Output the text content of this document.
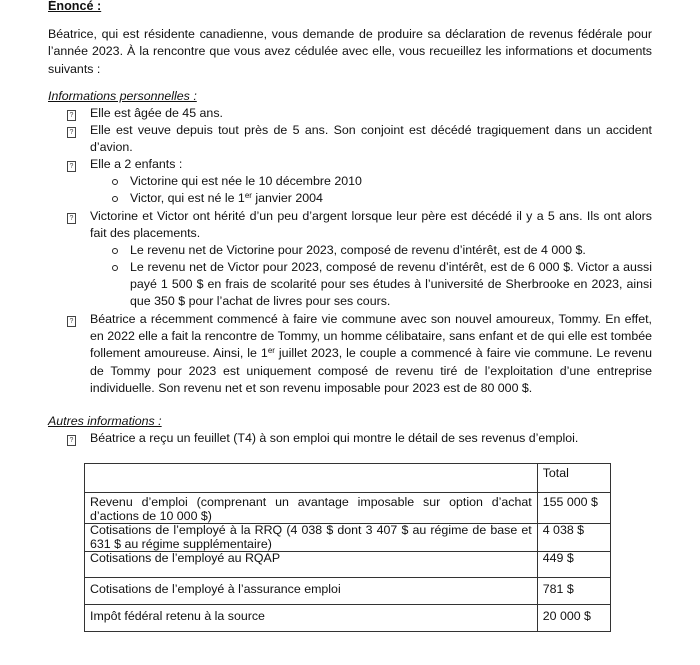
Énoncé :
Béatrice, qui est résidente canadienne, vous demande de produire sa déclaration de revenus fédérale pour l’année 2023. À la rencontre que vous avez cédulée avec elle, vous recueillez les informations et documents suivants :
Informations personnelles :
? Elle est âgée de 45 ans.
? Elle est veuve depuis tout près de 5 ans. Son conjoint est décédé tragiquement dans un accident d’avion.
? Elle a 2 enfants :
Victorine qui est née le 10 décembre 2010
Victor, qui est né le 1er janvier 2004
? Victorine et Victor ont hérité d’un peu d’argent lorsque leur père est décédé il y a 5 ans. Ils ont alors fait des placements.
Le revenu net de Victorine pour 2023, composé de revenu d’intérêt, est de 4 000 $.
Le revenu net de Victor pour 2023, composé de revenu d’intérêt, est de 6 000 $. Victor a aussi payé 1 500 $ en frais de scolarité pour ses études à l’université de Sherbrooke en 2023, ainsi que 350 $ pour l’achat de livres pour ses cours.
? Béatrice a récemment commencé à faire vie commune avec son nouvel amoureux, Tommy. En effet, en 2022 elle a fait la rencontre de Tommy, un homme célibataire, sans enfant et de qui elle est tombée follement amoureuse. Ainsi, le 1er juillet 2023, le couple a commencé à faire vie commune. Le revenu de Tommy pour 2023 est uniquement composé de revenu tiré de l’exploitation d’une entreprise individuelle. Son revenu net et son revenu imposable pour 2023 est de 80 000 $.
Autres informations :
? Béatrice a reçu un feuillet (T4) à son emploi qui montre le détail de ses revenus d’emploi.
	Total
Revenu d’emploi (comprenant un avantage imposable sur option d’achat d’actions de 10 000 $)	155 000 $
Cotisations de l’employé à la RRQ (4 038 $ dont 3 407 $ au régime de base et 631 $ au régime supplémentaire)	4 038 $
Cotisations de l’employé au RQAP	449 $
Cotisations de l’employé à l’assurance emploi	781 $
Impôt fédéral retenu à la source	20 000 $
